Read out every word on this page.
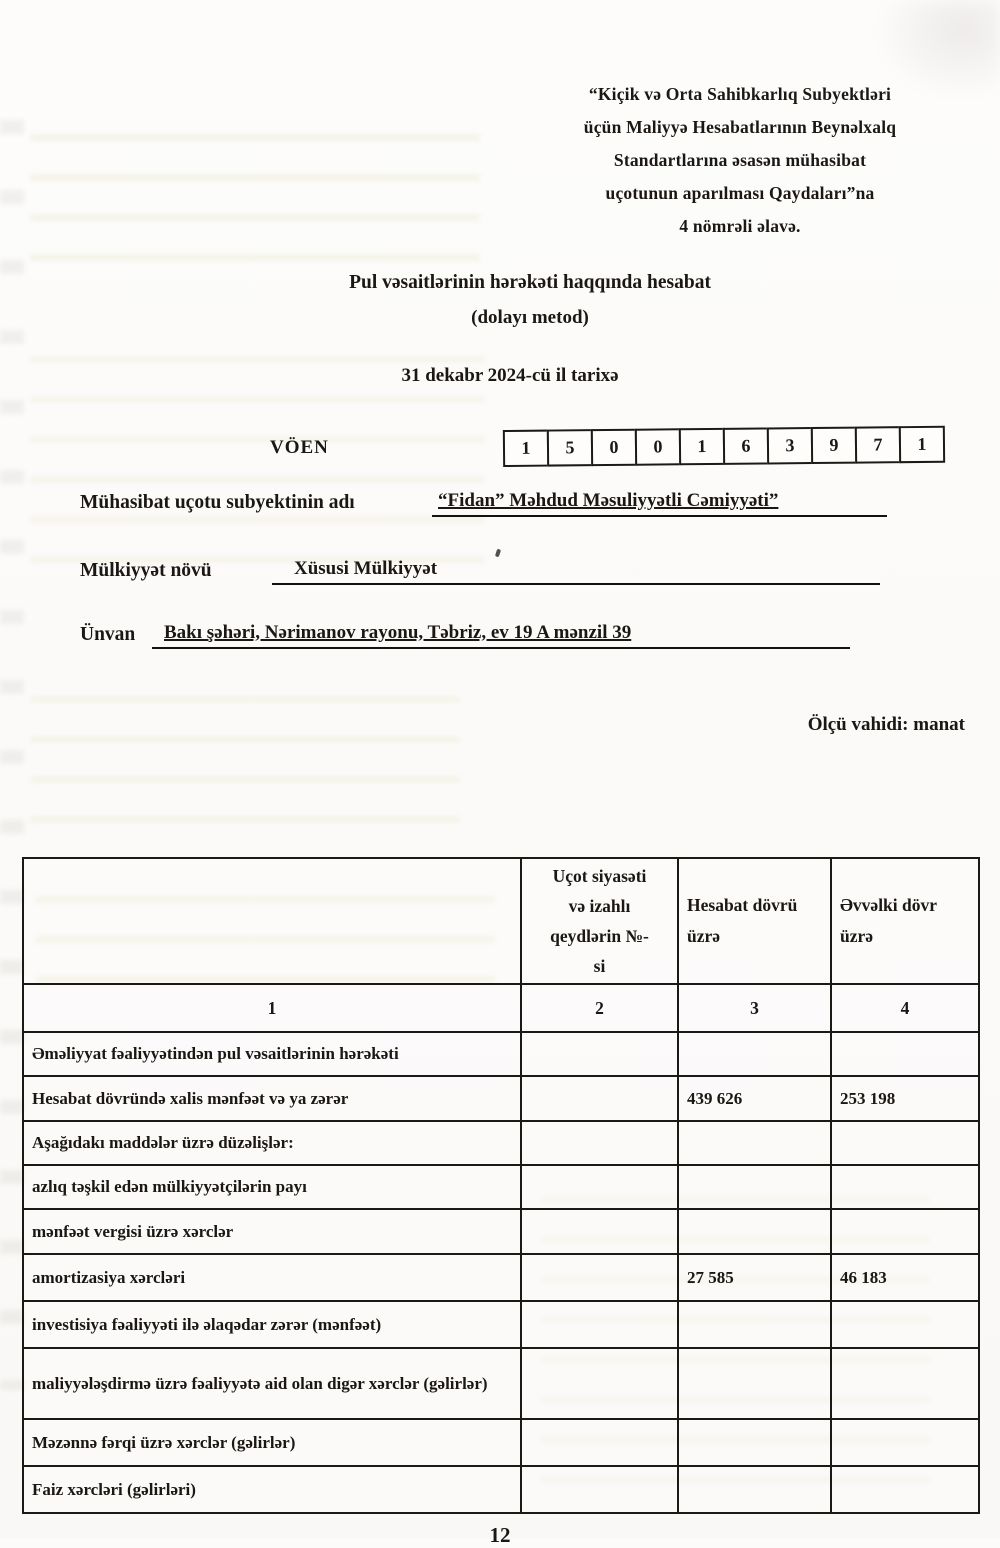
“Kiçik və Orta Sahibkarlıq Subyektləri
üçün Maliyyə Hesabatlarının Beynəlxalq
Standartlarına əsasən mühasibat
uçotunun aparılması Qaydaları”na
4 nömrəli əlavə.
Pul vəsaitlərinin hərəkəti haqqında hesabat
(dolayı metod)
31 dekabr 2024-cü il tarixə
VÖEN	1	5	0	0	1	6	3	9	7	1
Mühasibat uçotu subyektinin adı	“Fidan” Məhdud Məsuliyyətli Cəmiyyəti”
Mülkiyyət növü	Xüsusi Mülkiyyət
Ünvan	Bakı şəhəri, Nərimanov rayonu, Təbriz, ev 19 A mənzil 39
Ölçü vahidi: manat

	Uçot siyasəti
və izahlı
qeydlərin №-
si	Hesabat dövrü üzrə	Əvvəlki dövr üzrə
1	2	3	4
Əməliyyat fəaliyyətindən pul vəsaitlərinin hərəkəti			
Hesabat dövründə xalis mənfəət və ya zərər		439 626	253 198
Aşağıdakı maddələr üzrə düzəlişlər:			
azlıq təşkil edən mülkiyyətçilərin payı			
mənfəət vergisi üzrə xərclər			
amortizasiya xərcləri		27 585	46 183
investisiya fəaliyyəti ilə əlaqədar zərər (mənfəət)			
maliyyələşdirmə üzrə fəaliyyətə aid olan digər xərclər (gəlirlər)			
Məzənnə fərqi üzrə xərclər (gəlirlər)			
Faiz xərcləri (gəlirləri)			
12
